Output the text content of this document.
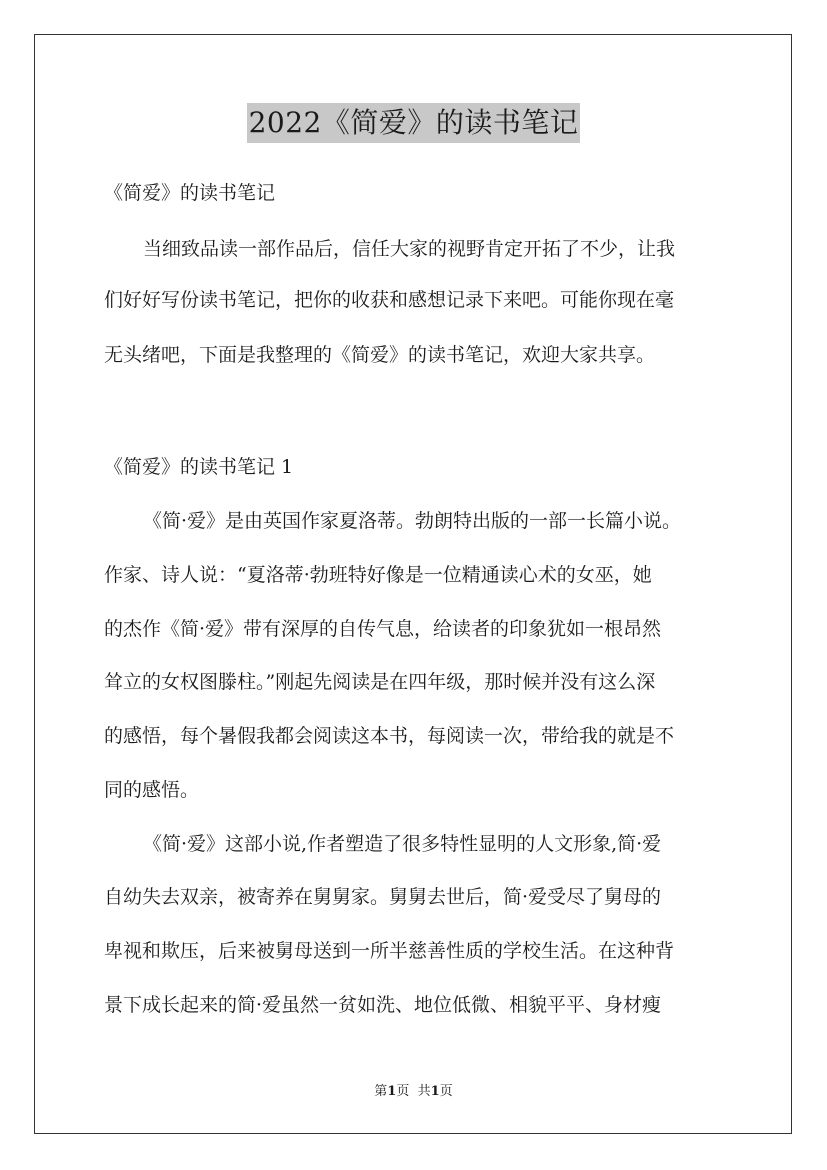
2022《简爱》的读书笔记
《简爱》的读书笔记
当细致品读一部作品后，信任大家的视野肯定开拓了不少，让我
们好好写份读书笔记，把你的收获和感想记录下来吧。可能你现在毫
无头绪吧，下面是我整理的《简爱》的读书笔记，欢迎大家共享。
《简爱》的读书笔记 1
《简·爱》是由英国作家夏洛蒂。勃朗特出版的一部一长篇小说。
作家、诗人说：“夏洛蒂·勃班特好像是一位精通读心术的女巫，她
的杰作《简·爱》带有深厚的自传气息，给读者的印象犹如一根昂然
耸立的女权图滕柱。”刚起先阅读是在四年级，那时候并没有这么深
的感悟，每个暑假我都会阅读这本书，每阅读一次，带给我的就是不
同的感悟。
《简·爱》这部小说,作者塑造了很多特性显明的人文形象,简·爱
自幼失去双亲，被寄养在舅舅家。舅舅去世后，简·爱受尽了舅母的
卑视和欺压，后来被舅母送到一所半慈善性质的学校生活。在这种背
景下成长起来的简·爱虽然一贫如洗、地位低微、相貌平平、身材瘦
第1页 共1页
